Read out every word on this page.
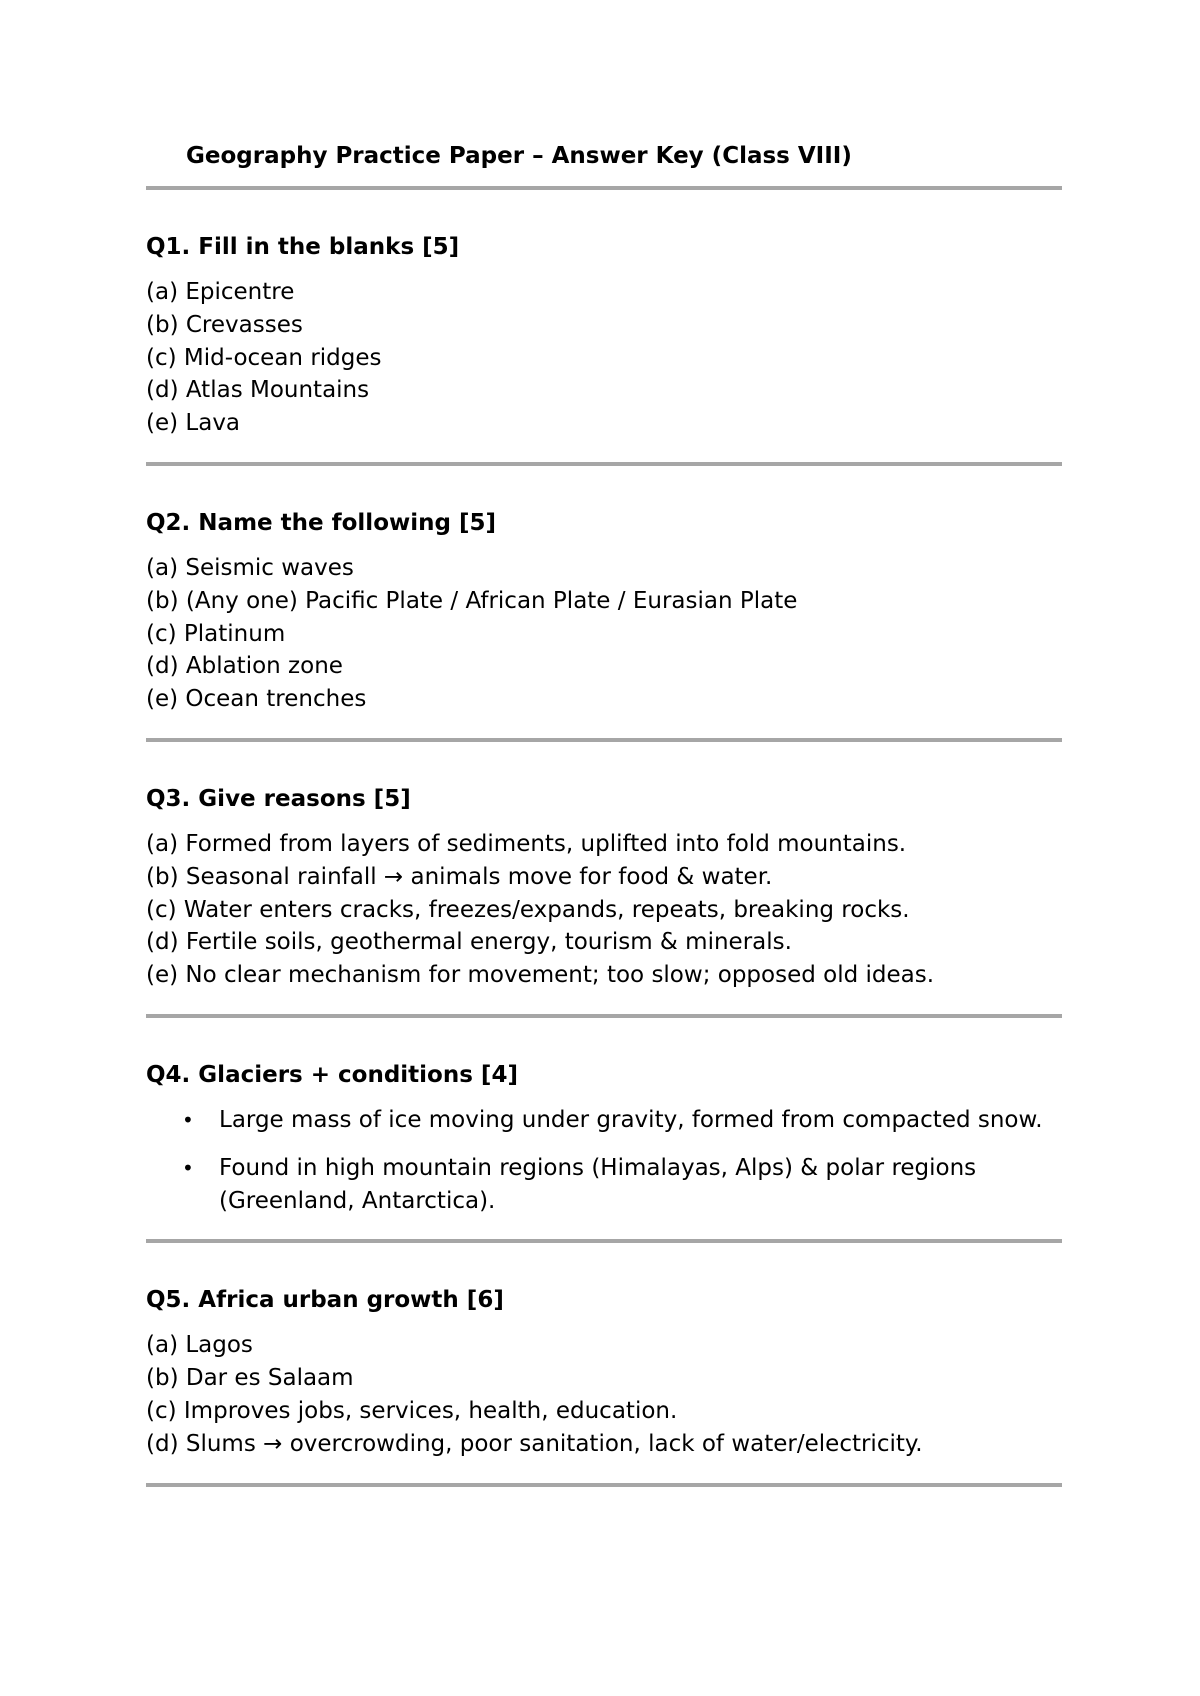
Geography Practice Paper – Answer Key (Class VIII)

Q1. Fill in the blanks [5]

(a) Epicentre

(b) Crevasses

(c) Mid-ocean ridges

(d) Atlas Mountains

(e) Lava

Q2. Name the following [5]

(a) Seismic waves

(b) (Any one) Pacific Plate / African Plate / Eurasian Plate

(c) Platinum

(d) Ablation zone

(e) Ocean trenches

Q3. Give reasons [5]

(a) Formed from layers of sediments, uplifted into fold mountains.

(b) Seasonal rainfall → animals move for food & water.

(c) Water enters cracks, freezes/expands, repeats, breaking rocks.

(d) Fertile soils, geothermal energy, tourism & minerals.

(e) No clear mechanism for movement; too slow; opposed old ideas.

Q4. Glaciers + conditions [4]

• Large mass of ice moving under gravity, formed from compacted snow.
• Found in high mountain regions (Himalayas, Alps) & polar regions (Greenland, Antarctica).

Q5. Africa urban growth [6]

(a) Lagos

(b) Dar es Salaam

(c) Improves jobs, services, health, education.

(d) Slums → overcrowding, poor sanitation, lack of water/electricity.
